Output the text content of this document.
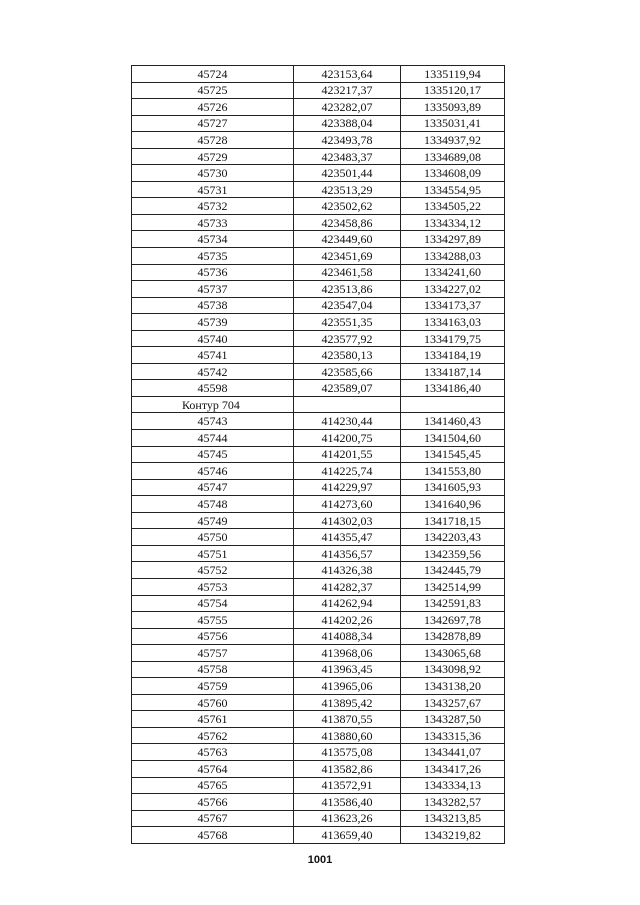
45724	423153,64	1335119,94
45725	423217,37	1335120,17
45726	423282,07	1335093,89
45727	423388,04	1335031,41
45728	423493,78	1334937,92
45729	423483,37	1334689,08
45730	423501,44	1334608,09
45731	423513,29	1334554,95
45732	423502,62	1334505,22
45733	423458,86	1334334,12
45734	423449,60	1334297,89
45735	423451,69	1334288,03
45736	423461,58	1334241,60
45737	423513,86	1334227,02
45738	423547,04	1334173,37
45739	423551,35	1334163,03
45740	423577,92	1334179,75
45741	423580,13	1334184,19
45742	423585,66	1334187,14
45598	423589,07	1334186,40
Контур 704		
45743	414230,44	1341460,43
45744	414200,75	1341504,60
45745	414201,55	1341545,45
45746	414225,74	1341553,80
45747	414229,97	1341605,93
45748	414273,60	1341640,96
45749	414302,03	1341718,15
45750	414355,47	1342203,43
45751	414356,57	1342359,56
45752	414326,38	1342445,79
45753	414282,37	1342514,99
45754	414262,94	1342591,83
45755	414202,26	1342697,78
45756	414088,34	1342878,89
45757	413968,06	1343065,68
45758	413963,45	1343098,92
45759	413965,06	1343138,20
45760	413895,42	1343257,67
45761	413870,55	1343287,50
45762	413880,60	1343315,36
45763	413575,08	1343441,07
45764	413582,86	1343417,26
45765	413572,91	1343334,13
45766	413586,40	1343282,57
45767	413623,26	1343213,85
45768	413659,40	1343219,82
1001
